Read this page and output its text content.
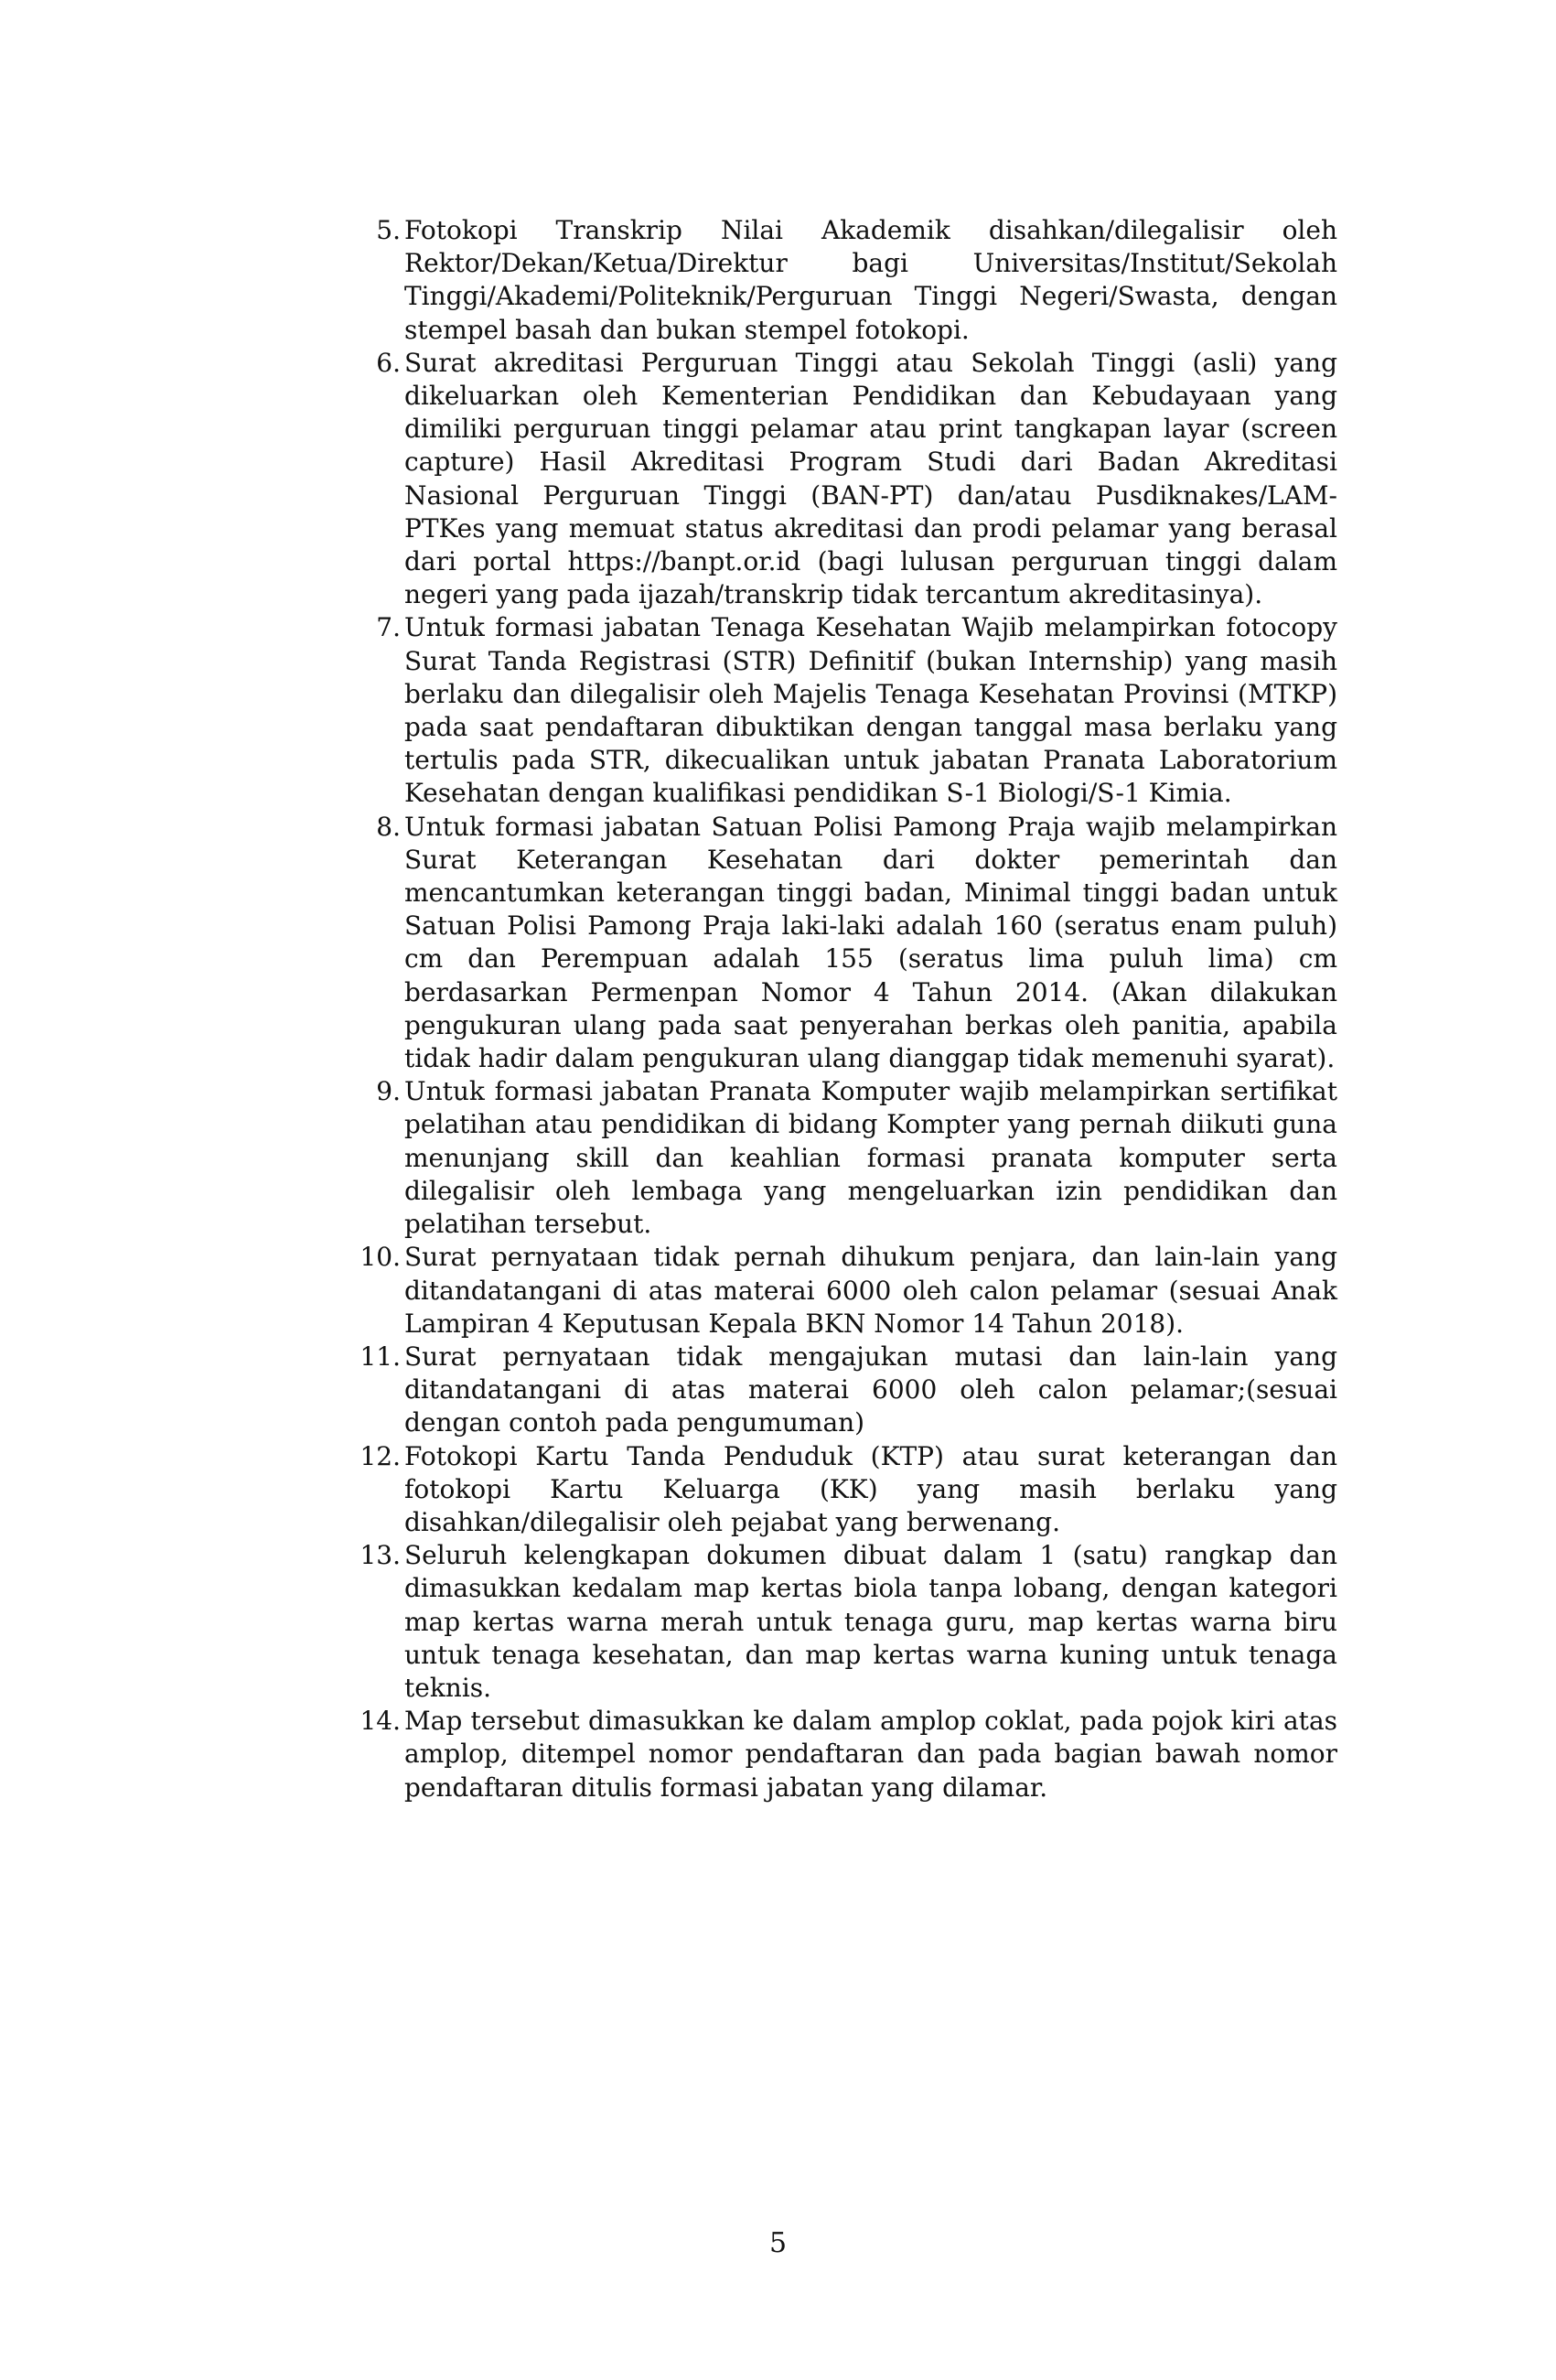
5. Fotokopi Transkrip Nilai Akademik disahkan/dilegalisir oleh Rektor/Dekan/Ketua/Direktur bagi Universitas/Institut/Sekolah Tinggi/Akademi/Politeknik/Perguruan Tinggi Negeri/Swasta, dengan stempel basah dan bukan stempel fotokopi.
6. Surat akreditasi Perguruan Tinggi atau Sekolah Tinggi (asli) yang dikeluarkan oleh Kementerian Pendidikan dan Kebudayaan yang dimiliki perguruan tinggi pelamar atau print tangkapan layar (screen capture) Hasil Akreditasi Program Studi dari Badan Akreditasi Nasional Perguruan Tinggi (BAN-PT) dan/atau Pusdiknakes/LAM-PTKes yang memuat status akreditasi dan prodi pelamar yang berasal dari portal https://banpt.or.id (bagi lulusan perguruan tinggi dalam negeri yang pada ijazah/transkrip tidak tercantum akreditasinya).
7. Untuk formasi jabatan Tenaga Kesehatan Wajib melampirkan fotocopy Surat Tanda Registrasi (STR) Definitif (bukan Internship) yang masih berlaku dan dilegalisir oleh Majelis Tenaga Kesehatan Provinsi (MTKP) pada saat pendaftaran dibuktikan dengan tanggal masa berlaku yang tertulis pada STR, dikecualikan untuk jabatan Pranata Laboratorium Kesehatan dengan kualifikasi pendidikan S-1 Biologi/S-1 Kimia.
8. Untuk formasi jabatan Satuan Polisi Pamong Praja wajib melampirkan Surat Keterangan Kesehatan dari dokter pemerintah dan mencantumkan keterangan tinggi badan, Minimal tinggi badan untuk Satuan Polisi Pamong Praja laki-laki adalah 160 (seratus enam puluh) cm dan Perempuan adalah 155 (seratus lima puluh lima) cm berdasarkan Permenpan Nomor 4 Tahun 2014. (Akan dilakukan pengukuran ulang pada saat penyerahan berkas oleh panitia, apabila tidak hadir dalam pengukuran ulang dianggap tidak memenuhi syarat).
9. Untuk formasi jabatan Pranata Komputer wajib melampirkan sertifikat pelatihan atau pendidikan di bidang Kompter yang pernah diikuti guna menunjang skill dan keahlian formasi pranata komputer serta dilegalisir oleh lembaga yang mengeluarkan izin pendidikan dan pelatihan tersebut.
10. Surat pernyataan tidak pernah dihukum penjara, dan lain-lain yang ditandatangani di atas materai 6000 oleh calon pelamar (sesuai Anak Lampiran 4 Keputusan Kepala BKN Nomor 14 Tahun 2018).
11. Surat pernyataan tidak mengajukan mutasi dan lain-lain yang ditandatangani di atas materai 6000 oleh calon pelamar;(sesuai dengan contoh pada pengumuman)
12. Fotokopi Kartu Tanda Penduduk (KTP) atau surat keterangan dan fotokopi Kartu Keluarga (KK) yang masih berlaku yang disahkan/dilegalisir oleh pejabat yang berwenang.
13. Seluruh kelengkapan dokumen dibuat dalam 1 (satu) rangkap dan dimasukkan kedalam map kertas biola tanpa lobang, dengan kategori map kertas warna merah untuk tenaga guru, map kertas warna biru untuk tenaga kesehatan, dan map kertas warna kuning untuk tenaga teknis.
14. Map tersebut dimasukkan ke dalam amplop coklat, pada pojok kiri atas amplop, ditempel nomor pendaftaran dan pada bagian bawah nomor pendaftaran ditulis formasi jabatan yang dilamar.
5
